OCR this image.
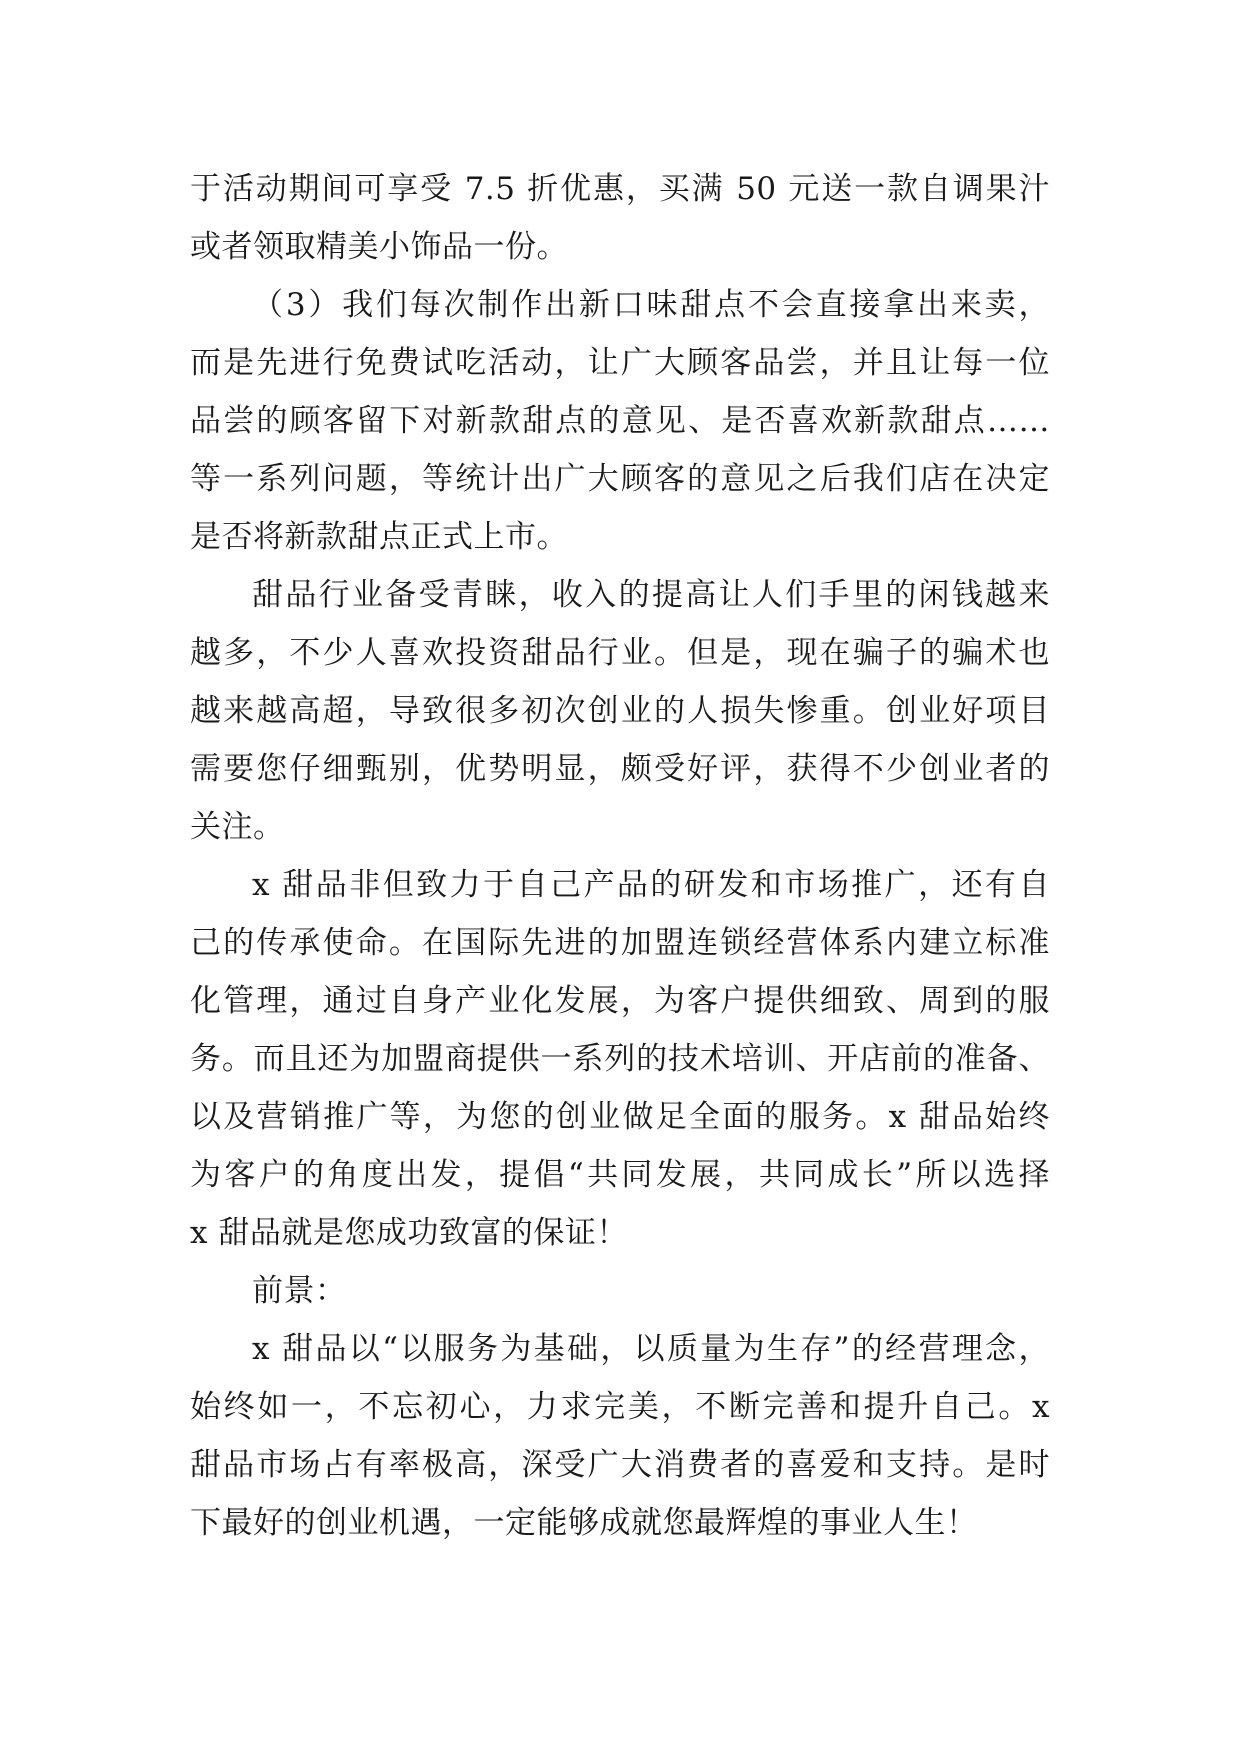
于活动期间可享受 7.5 折优惠，买满 50 元送一款自调果汁
或者领取精美小饰品一份。
（3）我们每次制作出新口味甜点不会直接拿出来卖，
而是先进行免费试吃活动，让广大顾客品尝，并且让每一位
品尝的顾客留下对新款甜点的意见、是否喜欢新款甜点……
等一系列问题，等统计出广大顾客的意见之后我们店在决定
是否将新款甜点正式上市。
甜品行业备受青睐，收入的提高让人们手里的闲钱越来
越多，不少人喜欢投资甜品行业。但是，现在骗子的骗术也
越来越高超，导致很多初次创业的人损失惨重。创业好项目
需要您仔细甄别，优势明显，颇受好评，获得不少创业者的
关注。
x 甜品非但致力于自己产品的研发和市场推广，还有自
己的传承使命。在国际先进的加盟连锁经营体系内建立标准
化管理，通过自身产业化发展，为客户提供细致、周到的服
务。而且还为加盟商提供一系列的技术培训、开店前的准备、
以及营销推广等，为您的创业做足全面的服务。x 甜品始终
为客户的角度出发，提倡“共同发展，共同成长”所以选择
x 甜品就是您成功致富的保证！
前景：
x 甜品以“以服务为基础，以质量为生存”的经营理念，
始终如一，不忘初心，力求完美，不断完善和提升自己。x
甜品市场占有率极高，深受广大消费者的喜爱和支持。是时
下最好的创业机遇，一定能够成就您最辉煌的事业人生！
